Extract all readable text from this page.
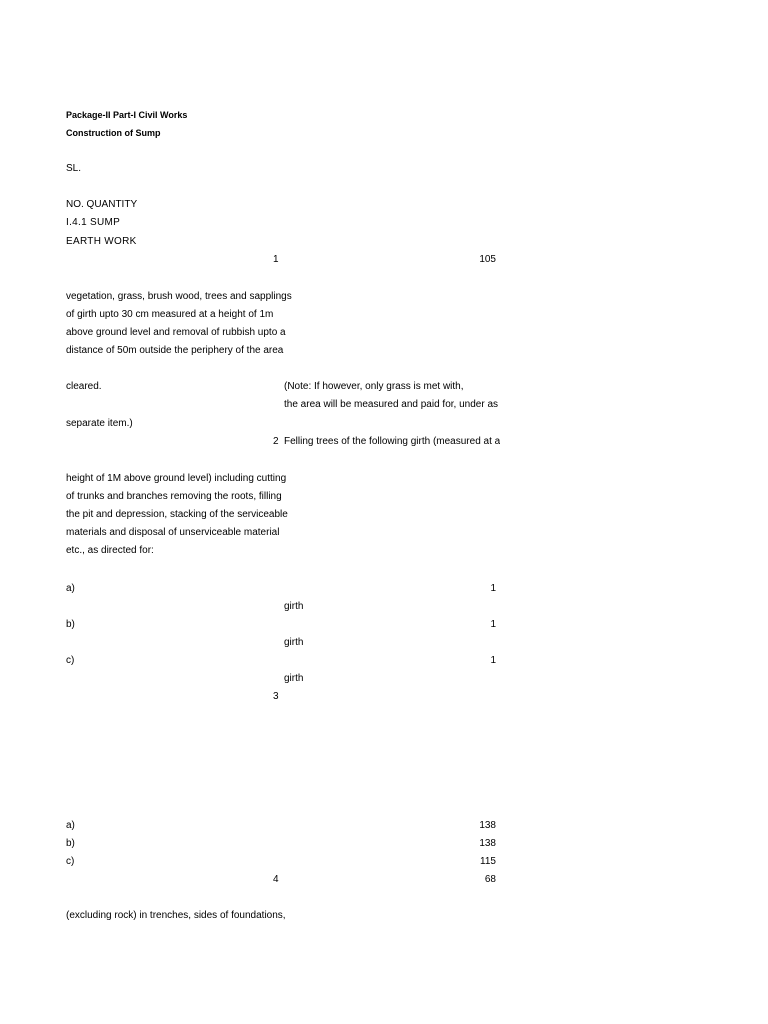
Package-II Part-I Civil Works
Construction of Sump
SL.
NO. QUANTITY
I.4.1 SUMP
EARTH WORK
1	105
vegetation, grass, brush wood, trees and sapplings
of girth upto 30 cm measured at a height of 1m
above ground level and removal of rubbish upto a
distance of 50m outside the periphery of the area
cleared.	(Note: If however, only grass is met with,
the area will be measured and paid for, under as
separate item.)
2 Felling trees of the following girth (measured at a
height of 1M above ground level) including cutting
of trunks and branches removing the roots, filling
the pit and depression, stacking of the serviceable
materials and disposal of unserviceable material
etc., as directed for:
a)	1
girth
b)	1
girth
c)	1
girth
3
a)	138
b)	138
c)	115
4	68
(excluding rock) in trenches, sides of foundations,
